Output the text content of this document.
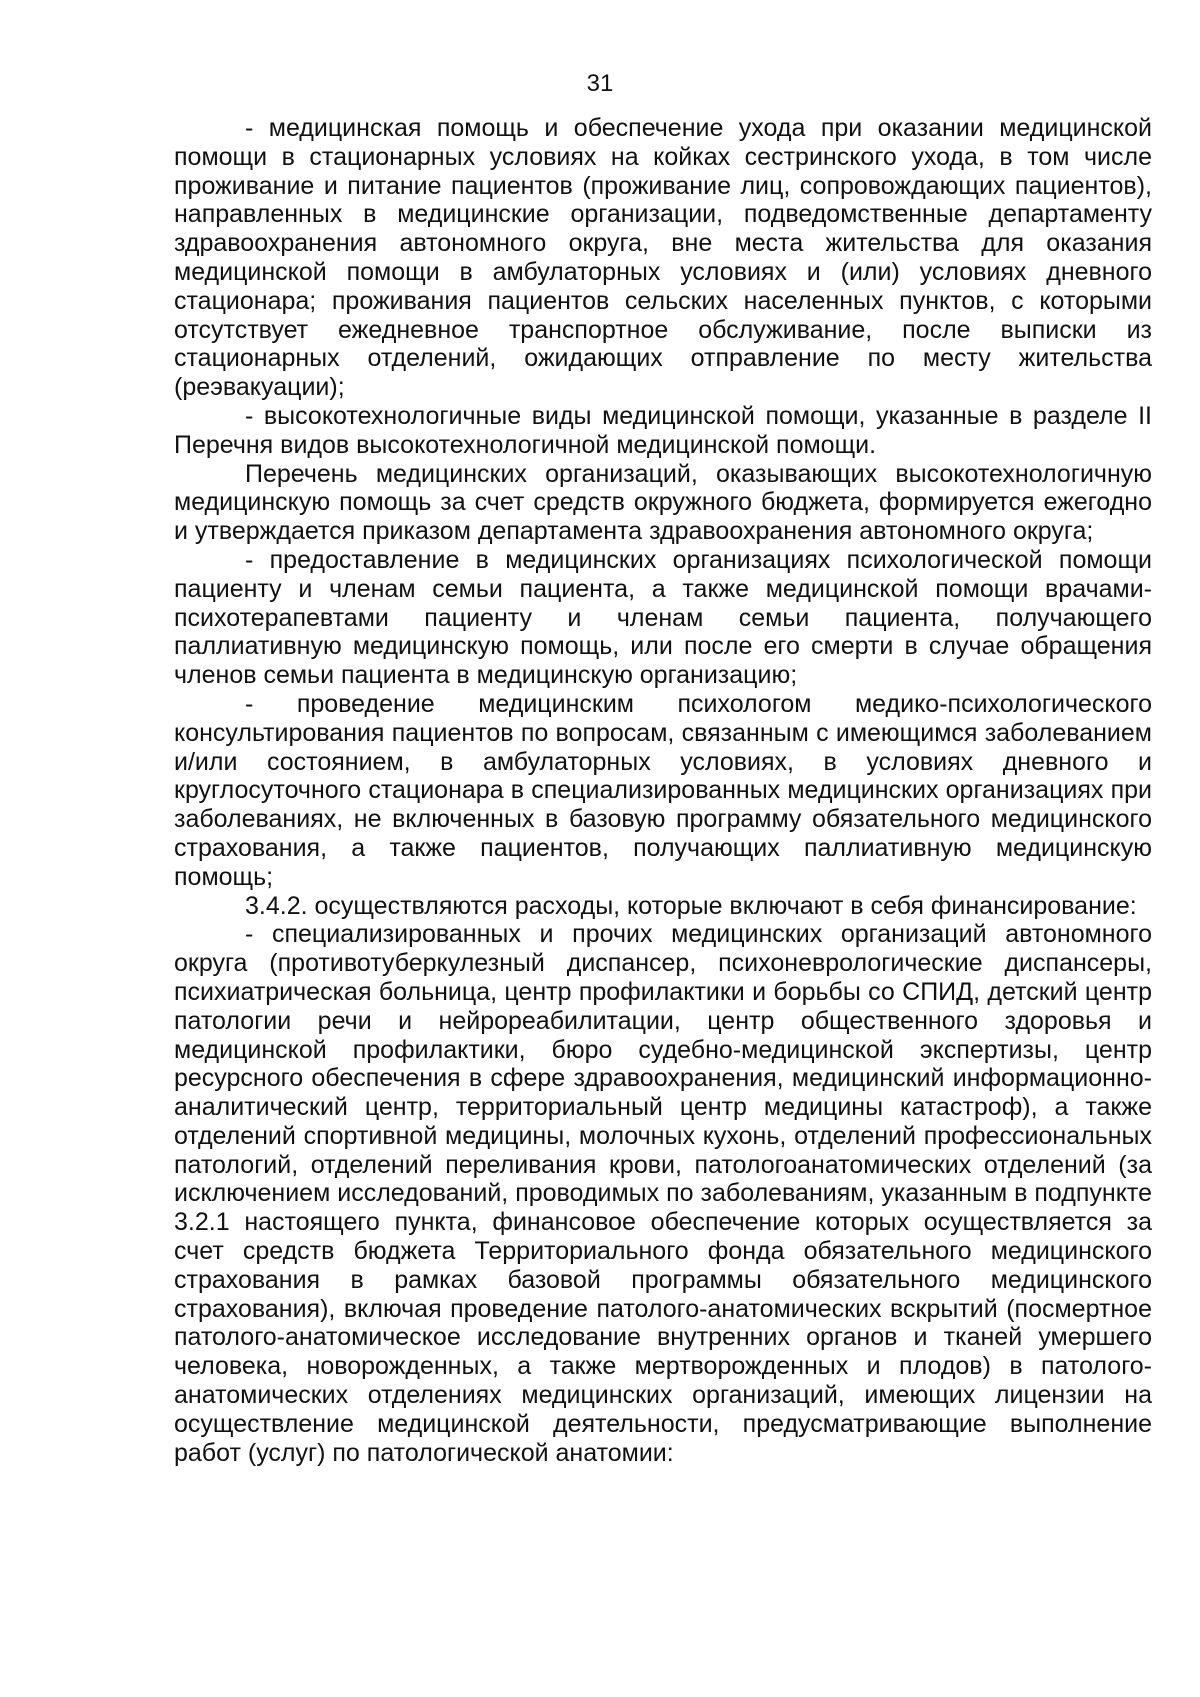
31

- медицинская помощь и обеспечение ухода при оказании медицинской помощи в стационарных условиях на койках сестринского ухода, в том числе проживание и питание пациентов (проживание лиц, сопровождающих пациентов), направленных в медицинские организации, подведомственные департаменту здравоохранения автономного округа, вне места жительства для оказания медицинской помощи в амбулаторных условиях и (или) условиях дневного стационара; проживания пациентов сельских населенных пунктов, с которыми отсутствует ежедневное транспортное обслуживание, после выписки из стационарных отделений, ожидающих отправление по месту жительства (реэвакуации);

- высокотехнологичные виды медицинской помощи, указанные в разделе II Перечня видов высокотехнологичной медицинской помощи.

Перечень медицинских организаций, оказывающих высокотехнологичную медицинскую помощь за счет средств окружного бюджета, формируется ежегодно и утверждается приказом департамента здравоохранения автономного округа;

- предоставление в медицинских организациях психологической помощи пациенту и членам семьи пациента, а также медицинской помощи врачами-психотерапевтами пациенту и членам семьи пациента, получающего паллиативную медицинскую помощь, или после его смерти в случае обращения членов семьи пациента в медицинскую организацию;

- проведение медицинским психологом медико-психологического консультирования пациентов по вопросам, связанным с имеющимся заболеванием и/или состоянием, в амбулаторных условиях, в условиях дневного и круглосуточного стационара в специализированных медицинских организациях при заболеваниях, не включенных в базовую программу обязательного медицинского страхования, а также пациентов, получающих паллиативную медицинскую помощь;

3.4.2. осуществляются расходы, которые включают в себя финансирование:

- специализированных и прочих медицинских организаций автономного округа (противотуберкулезный диспансер, психоневрологические диспансеры, психиатрическая больница, центр профилактики и борьбы со СПИД, детский центр патологии речи и нейрореабилитации, центр общественного здоровья и медицинской профилактики, бюро судебно-медицинской экспертизы, центр ресурсного обеспечения в сфере здравоохранения, медицинский информационно-аналитический центр, территориальный центр медицины катастроф), а также отделений спортивной медицины, молочных кухонь, отделений профессиональных патологий, отделений переливания крови, патологоанатомических отделений (за исключением исследований, проводимых по заболеваниям, указанным в подпункте 3.2.1 настоящего пункта, финансовое обеспечение которых осуществляется за счет средств бюджета Территориального фонда обязательного медицинского страхования в рамках базовой программы обязательного медицинского страхования), включая проведение патолого-анатомических вскрытий (посмертное патолого-анатомическое исследование внутренних органов и тканей умершего человека, новорожденных, а также мертворожденных и плодов) в патолого-анатомических отделениях медицинских организаций, имеющих лицензии на осуществление медицинской деятельности, предусматривающие выполнение работ (услуг) по патологической анатомии:
